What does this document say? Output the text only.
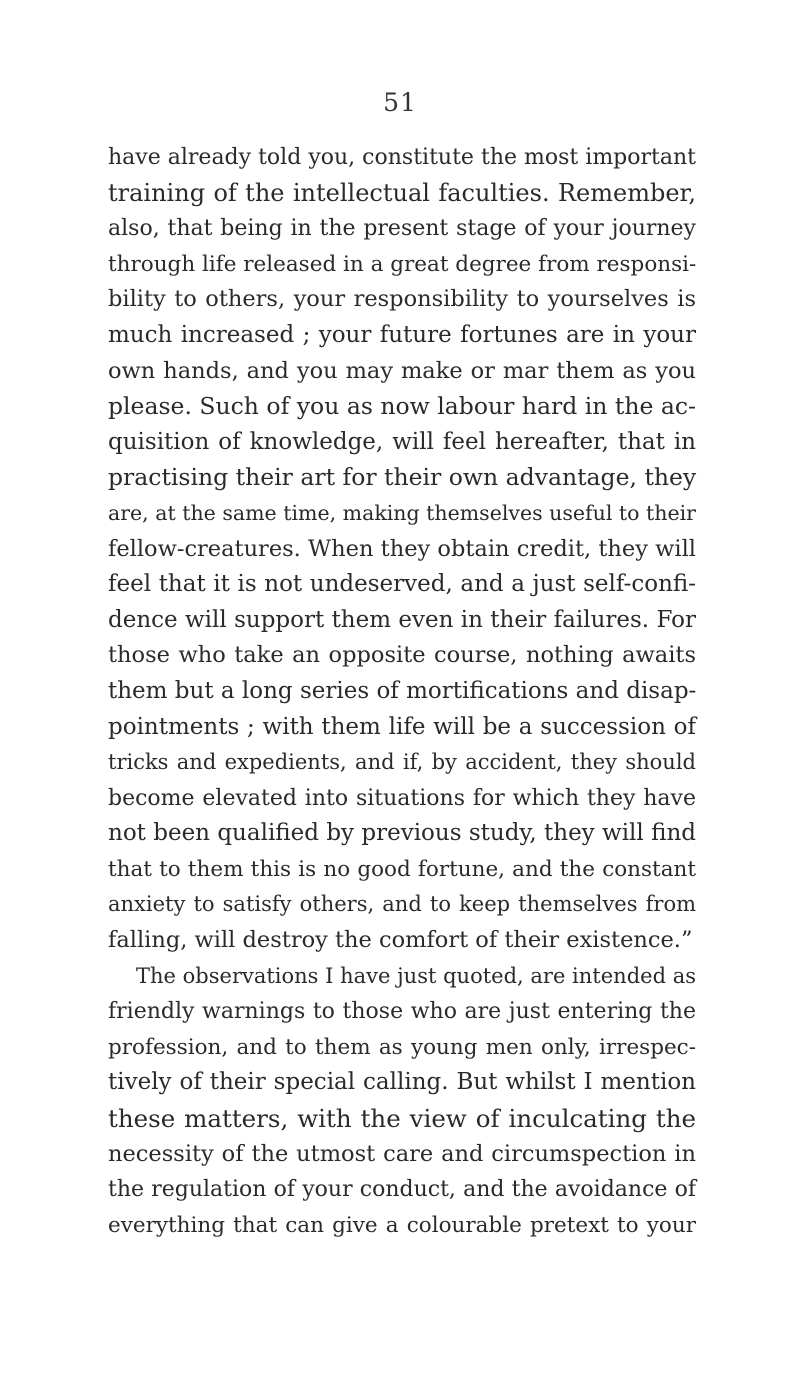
51
have already told you, constitute the most important
training of the intellectual faculties. Remember,
also, that being in the present stage of your journey
through life released in a great degree from responsi-
bility to others, your responsibility to yourselves is
much increased ; your future fortunes are in your
own hands, and you may make or mar them as you
please. Such of you as now labour hard in the ac-
quisition of knowledge, will feel hereafter, that in
practising their art for their own advantage, they
are, at the same time, making themselves useful to their
fellow-creatures. When they obtain credit, they will
feel that it is not undeserved, and a just self-confi-
dence will support them even in their failures. For
those who take an opposite course, nothing awaits
them but a long series of mortifications and disap-
pointments ; with them life will be a succession of
tricks and expedients, and if, by accident, they should
become elevated into situations for which they have
not been qualified by previous study, they will find
that to them this is no good fortune, and the constant
anxiety to satisfy others, and to keep themselves from
falling, will destroy the comfort of their existence.”
The observations I have just quoted, are intended as
friendly warnings to those who are just entering the
profession, and to them as young men only, irrespec-
tively of their special calling. But whilst I mention
these matters, with the view of inculcating the
necessity of the utmost care and circumspection in
the regulation of your conduct, and the avoidance of
everything that can give a colourable pretext to your
